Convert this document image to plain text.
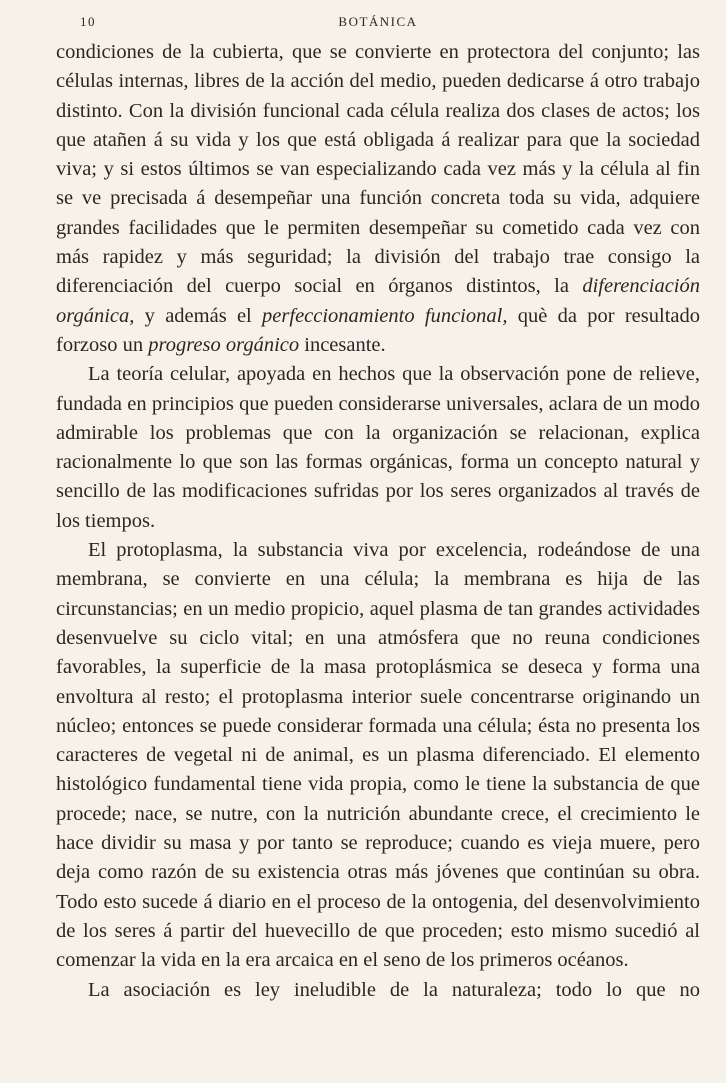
10	BOTÁNICA

condiciones de la cubierta, que se convierte en protectora del conjunto; las células internas, libres de la acción del medio, pueden dedicarse á otro trabajo distinto. Con la división funcional cada célula realiza dos clases de actos; los que atañen á su vida y los que está obligada á realizar para que la sociedad viva; y si estos últimos se van especializando cada vez más y la célula al fin se ve precisada á desempeñar una función concreta toda su vida, adquiere grandes facilidades que le permiten desempeñar su cometido cada vez con más rapidez y más seguridad; la división del trabajo trae consigo la diferenciación del cuerpo social en órganos distintos, la diferenciación orgánica, y además el perfeccionamiento funcional, què da por resultado forzoso un progreso orgánico incesante.

La teoría celular, apoyada en hechos que la observación pone de relieve, fundada en principios que pueden considerarse universales, aclara de un modo admirable los problemas que con la organización se relacionan, explica racionalmente lo que son las formas orgánicas, forma un concepto natural y sencillo de las modificaciones sufridas por los seres organizados al través de los tiempos.

El protoplasma, la substancia viva por excelencia, rodeándose de una membrana, se convierte en una célula; la membrana es hija de las circunstancias; en un medio propicio, aquel plasma de tan grandes actividades desenvuelve su ciclo vital; en una atmósfera que no reuna condiciones favorables, la superficie de la masa protoplásmica se deseca y forma una envoltura al resto; el protoplasma interior suele concentrarse originando un núcleo; entonces se puede considerar formada una célula; ésta no presenta los caracteres de vegetal ni de animal, es un plasma diferenciado. El elemento histológico fundamental tiene vida propia, como le tiene la substancia de que procede; nace, se nutre, con la nutrición abundante crece, el crecimiento le hace dividir su masa y por tanto se reproduce; cuando es vieja muere, pero deja como razón de su existencia otras más jóvenes que continúan su obra. Todo esto sucede á diario en el proceso de la ontogenia, del desenvolvimiento de los seres á partir del huevecillo de que proceden; esto mismo sucedió al comenzar la vida en la era arcaica en el seno de los primeros océanos.

La asociación es ley ineludible de la naturaleza; todo lo que no
